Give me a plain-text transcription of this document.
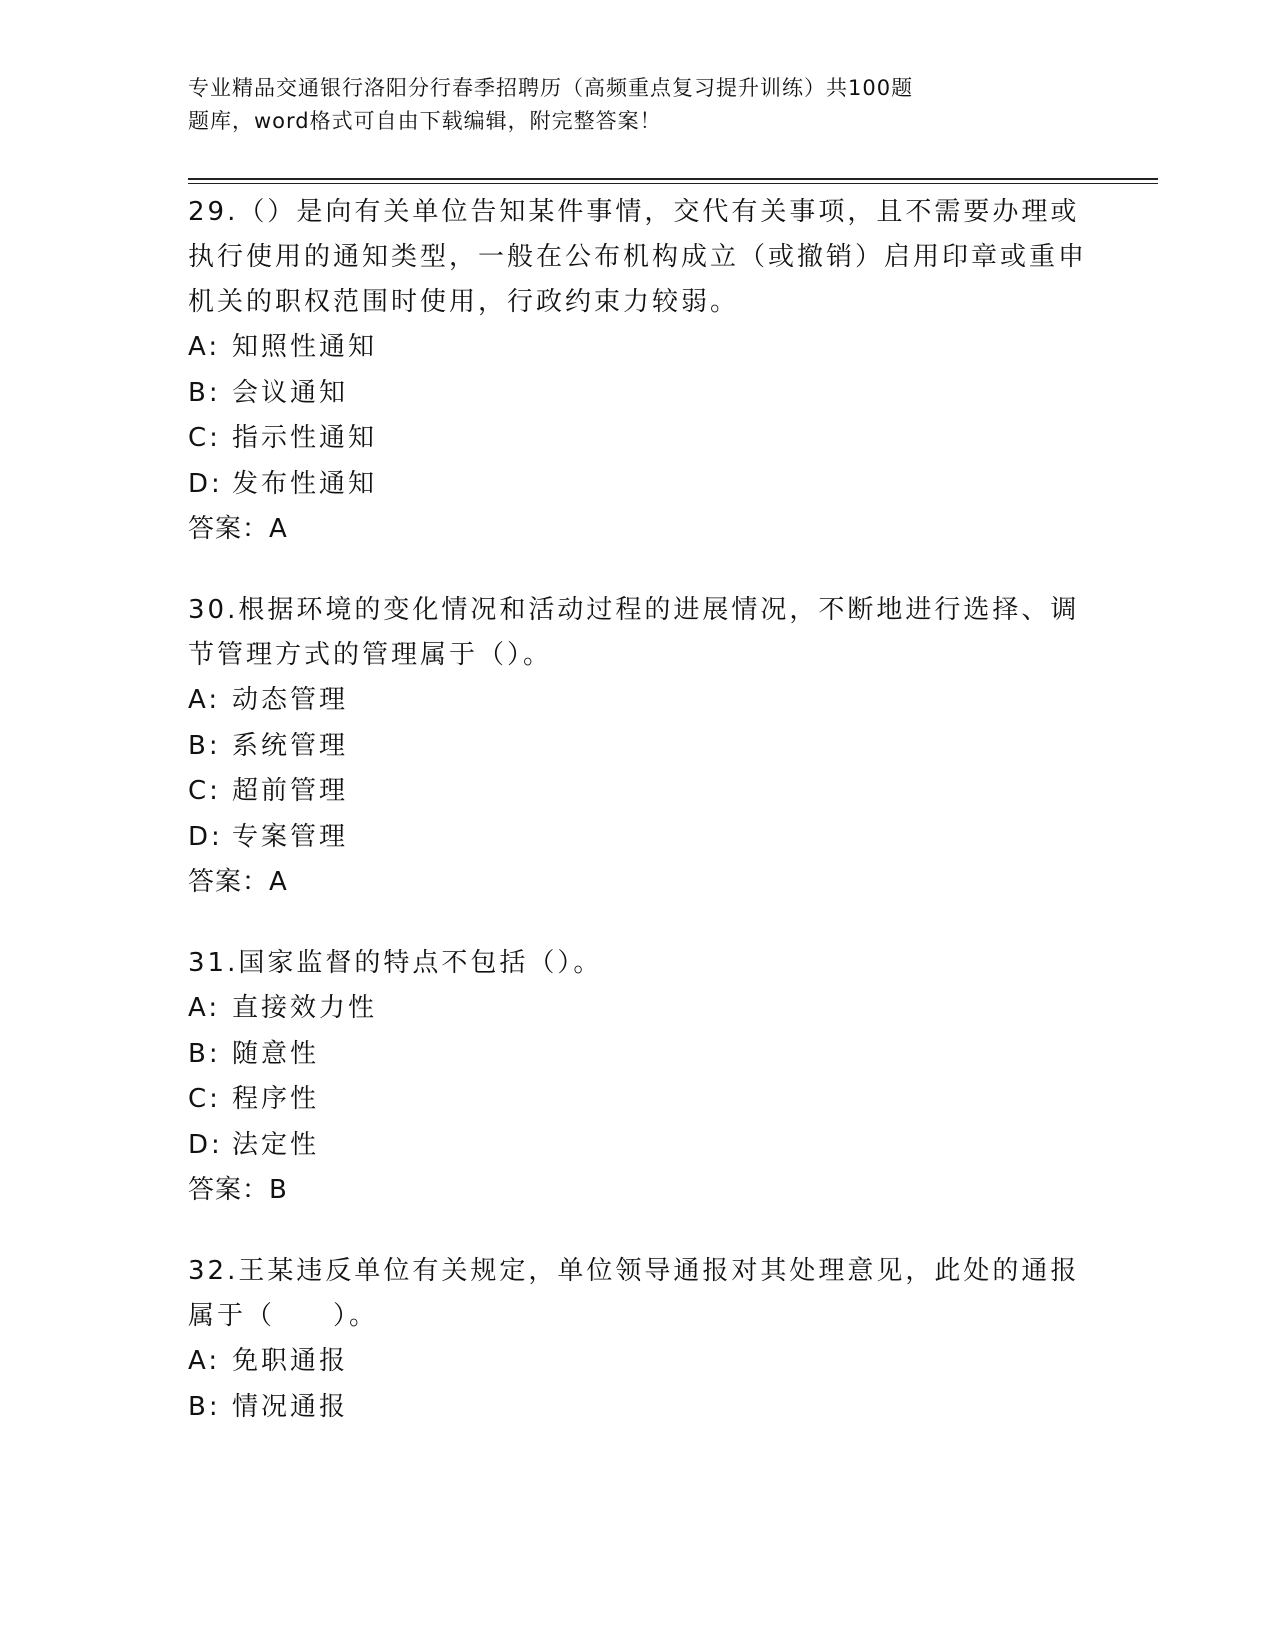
专业精品交通银行洛阳分行春季招聘历（高频重点复习提升训练）共100题
题库，word格式可自由下载编辑，附完整答案！

29.（）是向有关单位告知某件事情，交代有关事项，且不需要办理或执行使用的通知类型，一般在公布机构成立（或撤销）启用印章或重申机关的职权范围时使用，行政约束力较弱。

A: 知照性通知

B: 会议通知

C: 指示性通知

D: 发布性通知

答案：A

30.根据环境的变化情况和活动过程的进展情况，不断地进行选择、调节管理方式的管理属于（）。

A: 动态管理

B: 系统管理

C: 超前管理

D: 专案管理

答案：A

31.国家监督的特点不包括（）。

A: 直接效力性

B: 随意性

C: 程序性

D: 法定性

答案：B

32.王某违反单位有关规定，单位领导通报对其处理意见，此处的通报属于（　　）。

A: 免职通报

B: 情况通报
